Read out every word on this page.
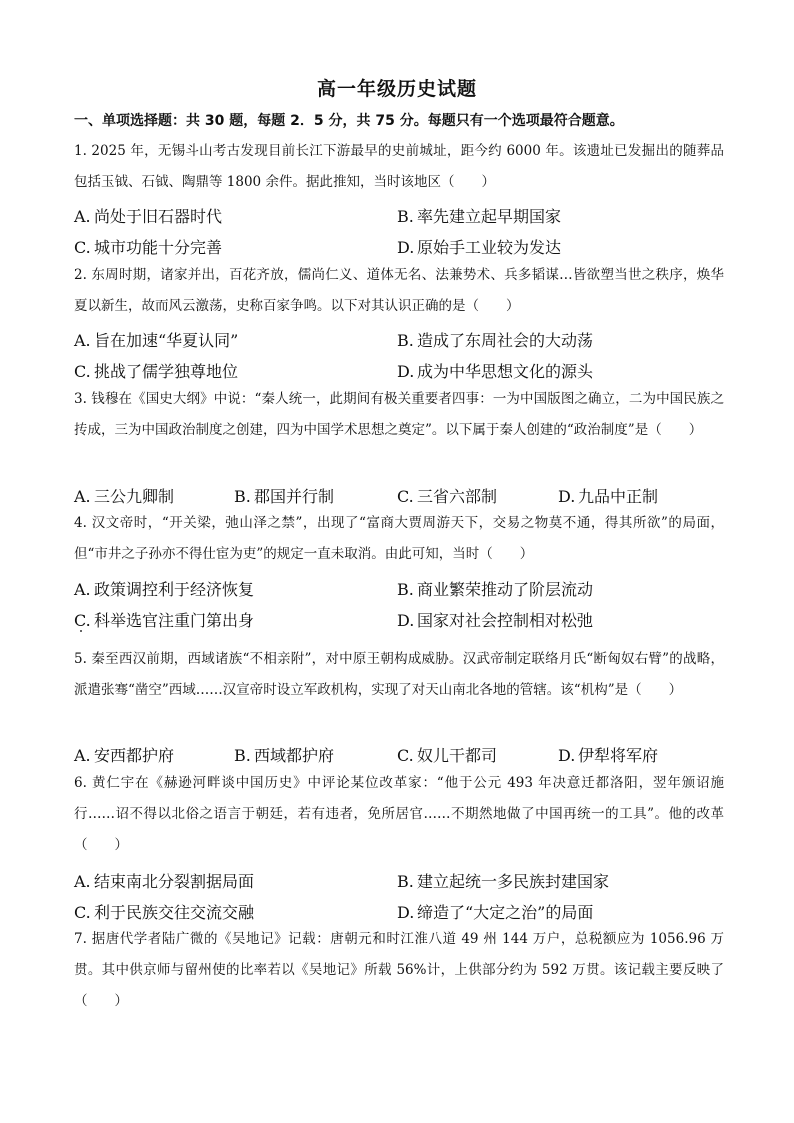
高一年级历史试题
一、单项选择题：共 30 题，每题 2．5 分，共 75 分。每题只有一个选项最符合题意。
1. 2025 年，无锡斗山考古发现目前长江下游最早的史前城址，距今约 6000 年。该遗址已发掘出的随葬品包括玉钺、石钺、陶鼎等 1800 余件。据此推知，当时该地区（　　）
A. 尚处于旧石器时代	B. 率先建立起早期国家
C. 城市功能十分完善	D. 原始手工业较为发达
2. 东周时期，诸家并出，百花齐放，儒尚仁义、道体无名、法兼势术、兵多韬谋…皆欲塑当世之秩序，焕华夏以新生，故而风云激荡，史称百家争鸣。以下对其认识正确的是（　　）
A. 旨在加速“华夏认同”	B. 造成了东周社会的大动荡
C. 挑战了儒学独尊地位	D. 成为中华思想文化的源头
3. 钱穆在《国史大纲》中说：“秦人统一，此期间有极关重要者四事：一为中国版图之确立，二为中国民族之抟成，三为中国政治制度之创建，四为中国学术思想之奠定”。以下属于秦人创建的“政治制度”是（　　）
A. 三公九卿制	B. 郡国并行制	C. 三省六部制	D. 九品中正制
4. 汉文帝时，“开关梁，弛山泽之禁”，出现了“富商大贾周游天下，交易之物莫不通，得其所欲”的局面，但“市井之子孙亦不得仕宦为吏”的规定一直未取消。由此可知，当时（　　）
A. 政策调控利于经济恢复	B. 商业繁荣推动了阶层流动
C. 科举选官注重门第出身	D. 国家对社会控制相对松弛
5. 秦至西汉前期，西域诸族“不相亲附”，对中原王朝构成威胁。汉武帝制定联络月氏“断匈奴右臂”的战略，派遣张骞“凿空”西域……汉宣帝时设立军政机构，实现了对天山南北各地的管辖。该“机构”是（　　）
A. 安西都护府	B. 西域都护府	C. 奴儿干都司	D. 伊犁将军府
6. 黄仁宇在《赫逊河畔谈中国历史》中评论某位改革家：“他于公元 493 年决意迁都洛阳，翌年颁诏施行……诏不得以北俗之语言于朝廷，若有违者，免所居官……不期然地做了中国再统一的工具”。他的改革（　　）
A. 结束南北分裂割据局面	B. 建立起统一多民族封建国家
C. 利于民族交往交流交融	D. 缔造了“大定之治”的局面
7. 据唐代学者陆广微的《吴地记》记载：唐朝元和时江淮八道 49 州 144 万户，总税额应为 1056.96 万贯。其中供京师与留州使的比率若以《吴地记》所载 56%计，上供部分约为 592 万贯。该记载主要反映了（　　）
